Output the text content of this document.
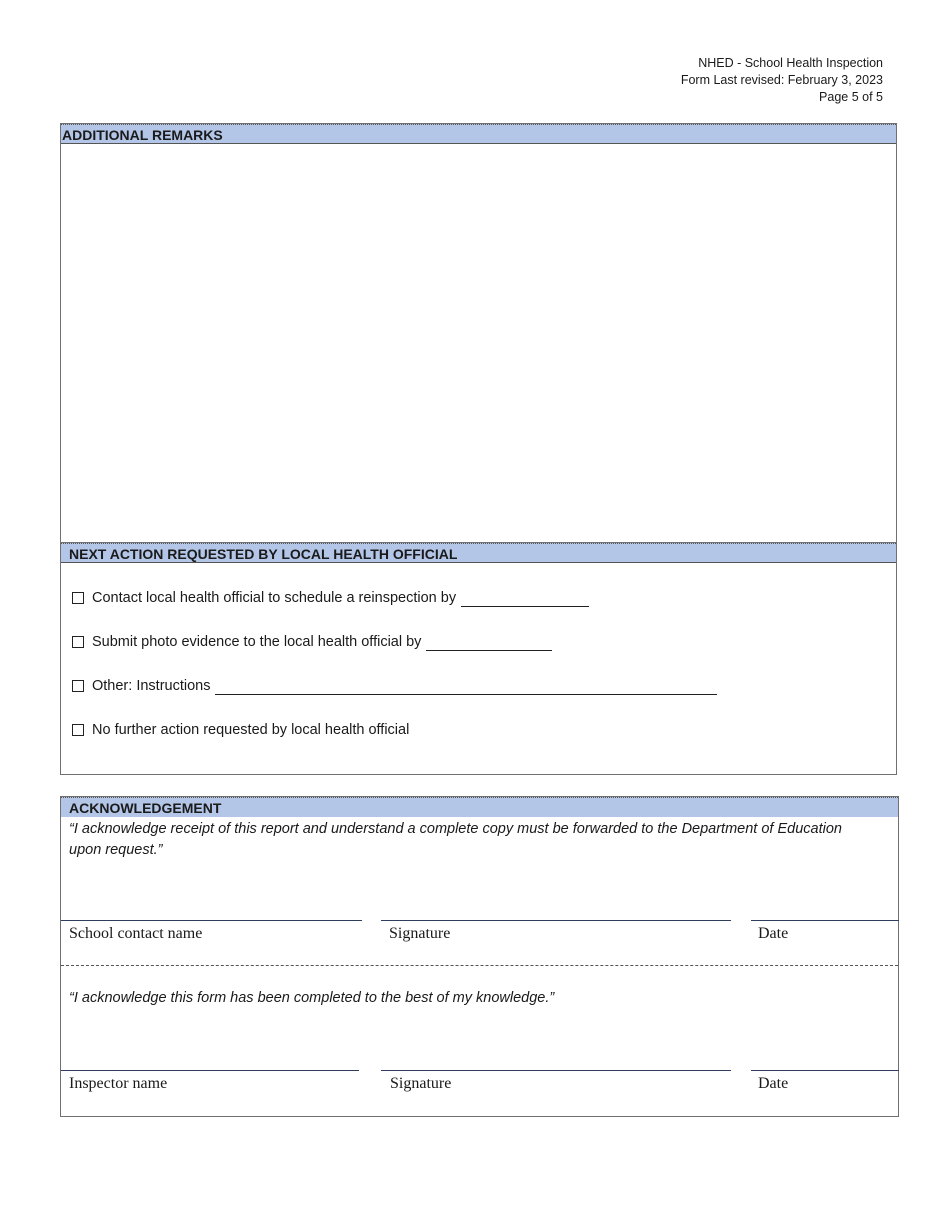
NHED - School Health Inspection
Form Last revised: February 3, 2023
Page 5 of 5
ADDITIONAL REMARKS
NEXT ACTION REQUESTED BY LOCAL HEALTH OFFICIAL
Contact local health official to schedule a reinspection by
Submit photo evidence to the local health official by
Other: Instructions
No further action requested by local health official
ACKNOWLEDGEMENT
“I acknowledge receipt of this report and understand a complete copy must be forwarded to the Department of Education upon request.”
School contact name	Signature	Date
“I acknowledge this form has been completed to the best of my knowledge.”
Inspector name	Signature	Date
